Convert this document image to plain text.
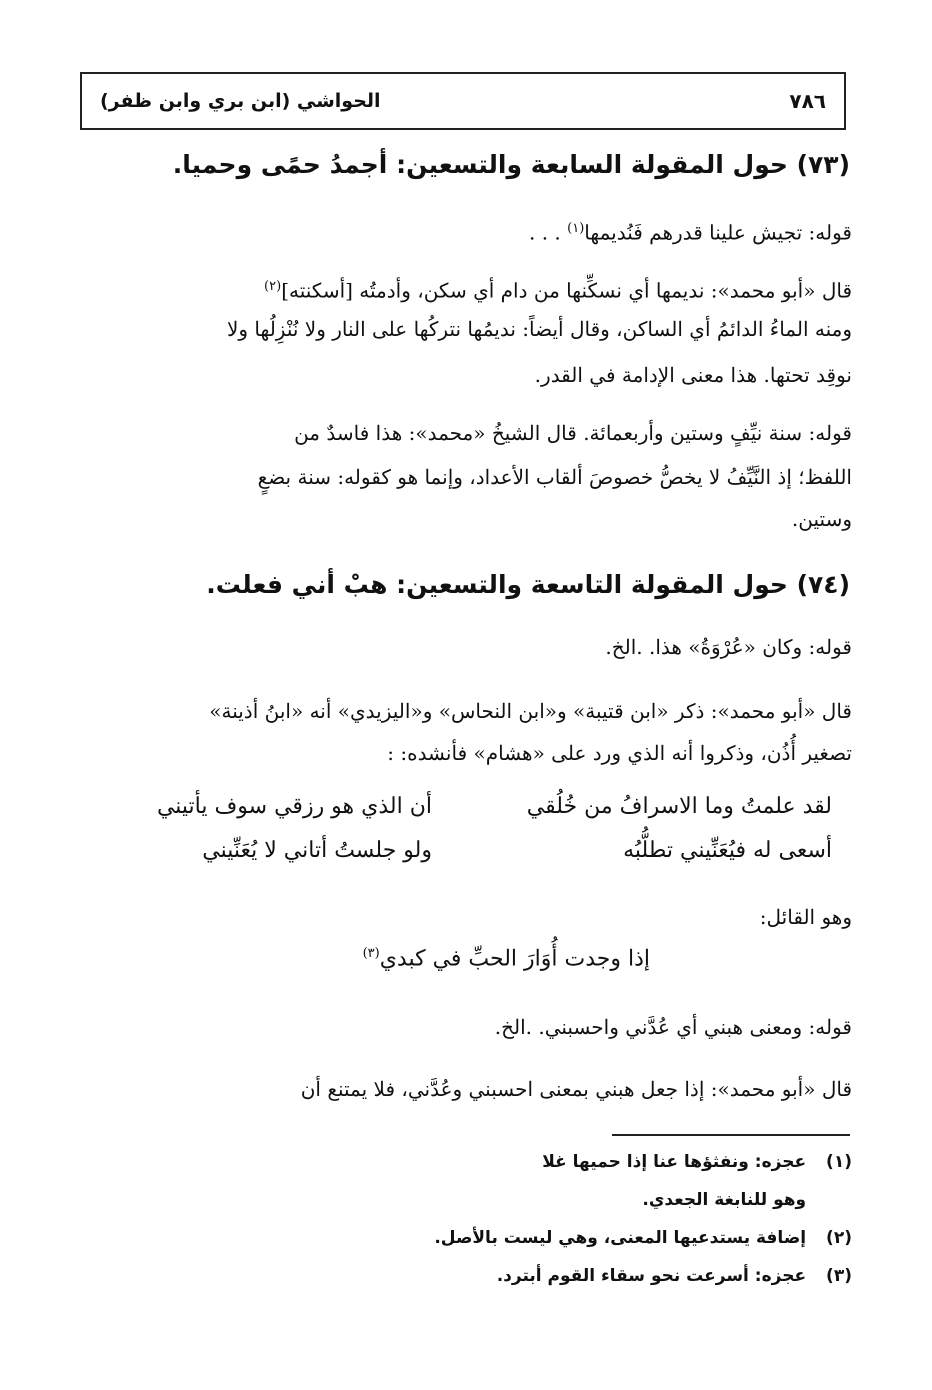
٧٨٦
الحواشي (ابن بري وابن ظفر)
(٧٣) حول المقولة السابعة والتسعين: أجمدُ حمًى وحميا.
قوله: تجيش علينا قدرهم فَنُديمها$^{(١)}$ . . .
قال «أبو محمد»: نديمها أي نسكِّنها من دام أي سكن، وأدمتُه [أسكنته]$^{(٢)}$
ومنه الماءُ الدائمُ أي الساكن، وقال أيضاً: نديمُها نتركُها على النار ولا نُنْزِلُها ولا
نوقِد تحتها. هذا معنى الإدامة في القدر.
قوله: سنة نيِّفٍ وستين وأربعمائة. قال الشيخُ «محمد»: هذا فاسدٌ من
اللفظ؛ إذ النَّيِّفُ لا يخصُّ خصوصَ ألقاب الأعداد، وإنما هو كقوله: سنة بضعٍ
وستين.
(٧٤) حول المقولة التاسعة والتسعين: هبْ أني فعلت.
قوله: وكان «عُرْوَةُ» هذا. .الخ.
قال «أبو محمد»: ذكر «ابن قتيبة» و«ابن النحاس» و«اليزيدي» أنه «ابنُ أذينة»
تصغير أُذُن، وذكروا أنه الذي ورد على «هشام» فأنشده: :
لقد علمتُ وما الاسرافُ من خُلُقي
أن الذي هو رزقي سوف يأتيني
أسعى له فيُعَنِّيني تطلُّبُه
ولو جلستُ أتاني لا يُعَنِّيني
وهو القائل:
إذا وجدت أُوَارَ الحبِّ في كبدي$^{(٣)}$
قوله: ومعنى هبني أي عُدَّني واحسبني. .الخ.
قال «أبو محمد»: إذا جعل هبني بمعنى احسبني وعُدَّني، فلا يمتنع أن
(١) عجزه: ونفثؤها عنا إذا حميها غلا
وهو للنابغة الجعدي.
(٢) إضافة يستدعيها المعنى، وهي ليست بالأصل.
(٣) عجزه: أسرعت نحو سقاء القوم أبترد.
